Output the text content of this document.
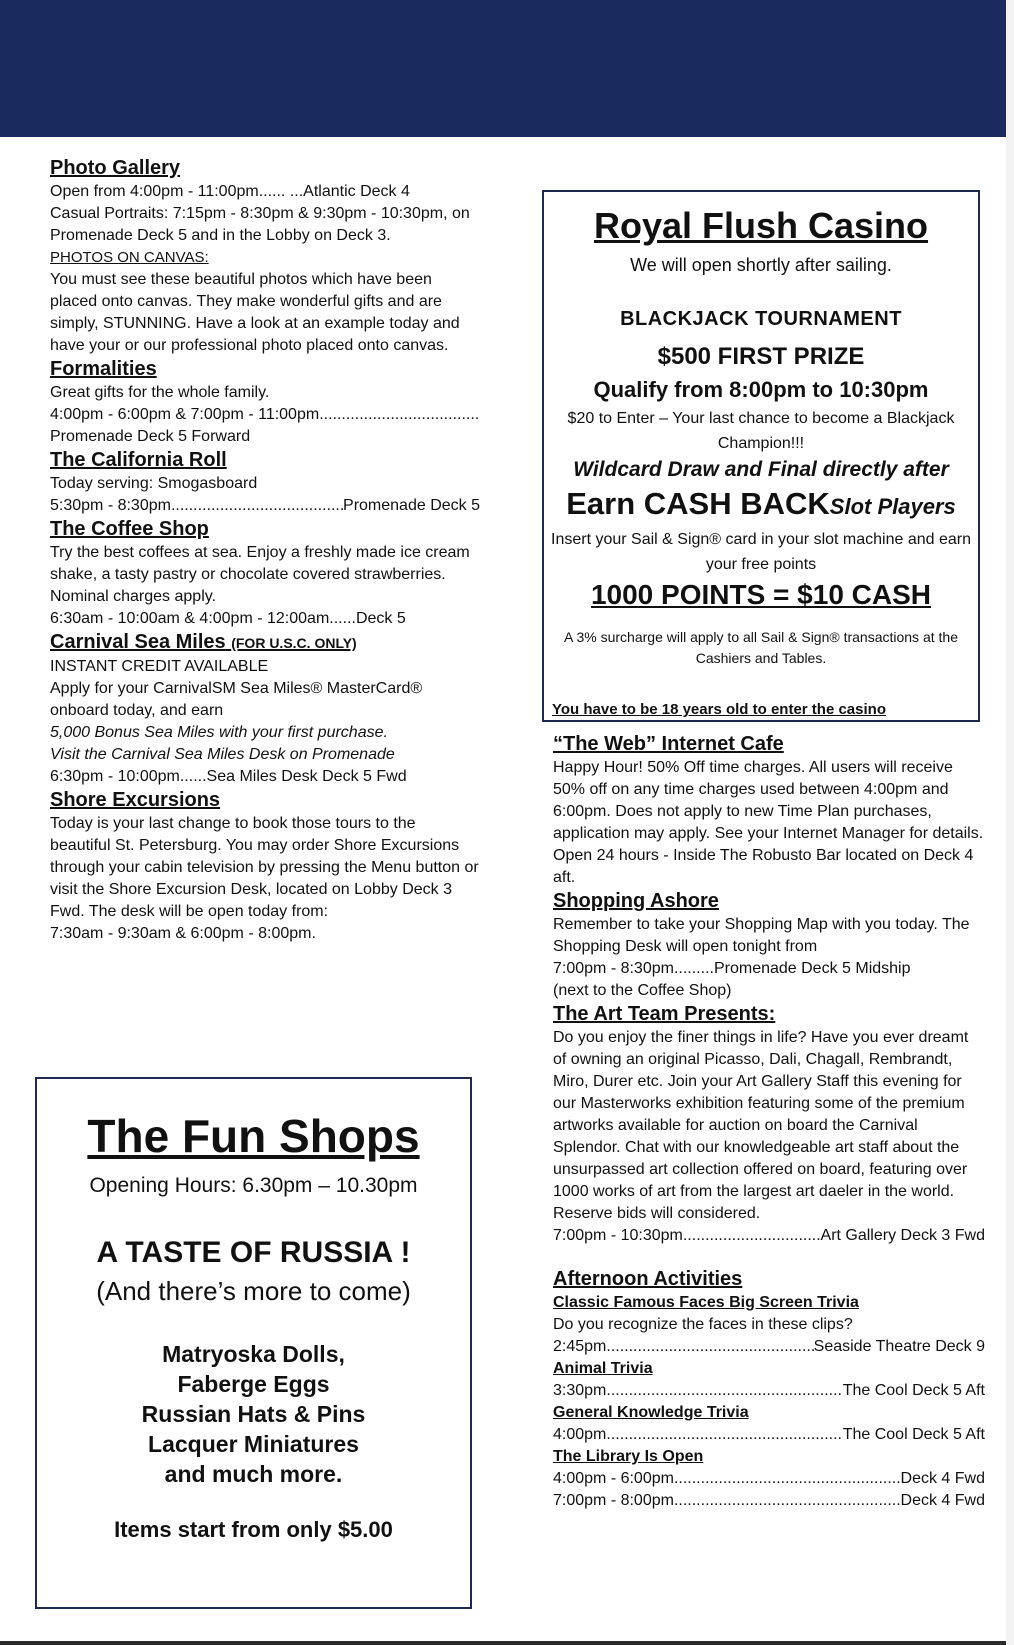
Photo Gallery

Open from 4:00pm - 11:00pm...... ...Atlantic Deck 4

Casual Portraits: 7:15pm - 8:30pm & 9:30pm - 10:30pm, on Promenade Deck 5 and in the Lobby on Deck 3.

PHOTOS ON CANVAS:

You must see these beautiful photos which have been placed onto canvas. They make wonderful gifts and are simply, STUNNING. Have a look at an example today and have your or our professional photo placed onto canvas.

Formalities

Great gifts for the whole family.

4:00pm - 6:00pm & 7:00pm - 11:00pm
.....

Promenade Deck 5 Forward

The California Roll

Today serving: Smogasboard

5:30pm - 8:30pm .....	Promenade Deck 5
The Coffee Shop

Try the best coffees at sea. Enjoy a freshly made ice cream shake, a tasty pastry or chocolate covered strawberries. Nominal charges apply.

6:30am - 10:00am & 4:00pm - 12:00am......Deck 5

Carnival Sea Miles (FOR U.S.C. ONLY)

INSTANT CREDIT AVAILABLE

Apply for your CarnivalSM Sea Miles® MasterCard® onboard today, and earn

5,000 Bonus Sea Miles with your first purchase.

Visit the Carnival Sea Miles Desk on Promenade

6:30pm - 10:00pm......Sea Miles Desk Deck 5 Fwd

Shore Excursions

Today is your last change to book those tours to the beautiful St. Petersburg. You may order Shore Excursions through your cabin television by pressing the Menu button or visit the Shore Excursion Desk, located on Lobby Deck 3 Fwd. The desk will be open today from:

7:30am - 9:30am & 6:00pm - 8:00pm.

Royal Flush Casino
We will open shortly after sailing.
BLACKJACK TOURNAMENT
$500 FIRST PRIZE
Qualify from 8:00pm to 10:30pm
$20 to Enter – Your last chance to become a Blackjack Champion!!!
Wildcard Draw and Final directly after
Earn CASH BACKSlot Players
Insert your Sail & Sign® card in your slot machine and earn your free points
1000 POINTS = $10 CASH
A 3% surcharge will apply to all Sail & Sign® transactions at the Cashiers and Tables.
You have to be 18 years old to enter the casino
The Fun Shops
Opening Hours: 6.30pm – 10.30pm
A TASTE OF RUSSIA !
(And there’s more to come)
Matryoska Dolls,
Faberge Eggs
Russian Hats & Pins
Lacquer Miniatures
and much more.
Items start from only $5.00
“The Web” Internet Cafe

Happy Hour! 50% Off time charges. All users will receive 50% off on any time charges used between 4:00pm and 6:00pm. Does not apply to new Time Plan purchases, application may apply. See your Internet Manager for details.

Open 24 hours - Inside The Robusto Bar located on Deck 4 aft.

Shopping Ashore

Remember to take your Shopping Map with you today. The Shopping Desk will open tonight from

7:00pm - 8:30pm.........Promenade Deck 5 Midship

(next to the Coffee Shop)

The Art Team Presents:

Do you enjoy the finer things in life? Have you ever dreamt of owning an original Picasso, Dali, Chagall, Rembrandt, Miro, Durer etc. Join your Art Gallery Staff this evening for our Masterworks exhibition featuring some of the premium artworks available for auction on board the Carnival Splendor. Chat with our knowledgeable art staff about the unsurpassed art collection offered on board, featuring over 1000 works of art from the largest art daeler in the world. Reserve bids will considered.

7:00pm - 10:30pm .....	Art Gallery Deck 3 Fwd
Afternoon Activities
Classic Famous Faces Big Screen Trivia

Do you recognize the faces in these clips?

2:45pm .....	Seaside Theatre Deck 9
Animal Trivia
3:30pm .....	The Cool Deck 5 Aft
General Knowledge Trivia
4:00pm .....	The Cool Deck 5 Aft
The Library Is Open
4:00pm - 6:00pm .....	Deck 4 Fwd
7:00pm - 8:00pm .....	Deck 4 Fwd
